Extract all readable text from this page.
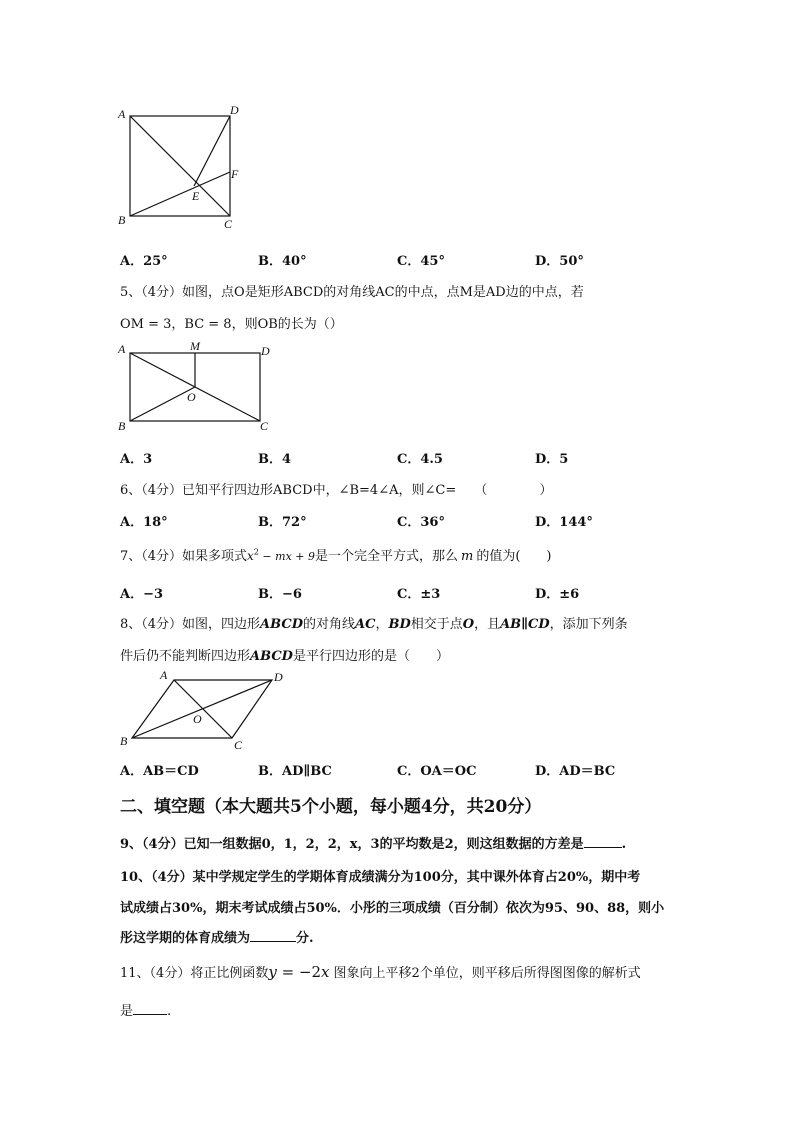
A	D
F
E
B	C
A．25°	B．40°	C．45°	D．50°
5、（4分）如图，点O是矩形ABCD的对角线AC的中点，点M是AD边的中点，若
OM = 3，BC = 8，则OB的长为（）
A	M	D
O
B	C
A．3	B．4	C．4.5	D．5
6、（4分）已知平行四边形ABCD中，∠B=4∠A，则∠C= （　　　　）
A．18°	B．72°	C．36°	D．144°
7、（4分）如果多项式$x^2$ − mx + 9是一个完全平方式，那么 m 的值为(　　)
A．−3	B．−6	C．±3	D．±6
8、（4分）如图，四边形ABCD的对角线AC，BD相交于点O，且AB∥CD，添加下列条
件后仍不能判断四边形ABCD是平行四边形的是（　　）
A	D
O
B	C
A．AB＝CD	B．AD∥BC	C．OA＝OC	D．AD＝BC
二、填空题（本大题共5个小题，每小题4分，共20分）
9、（4分）已知一组数据0，1，2，2，x，3的平均数是2，则这组数据的方差是	.
10、（4分）某中学规定学生的学期体育成绩满分为100分，其中课外体育占20%，期中考
试成绩占30%，期末考试成绩占50%．小彤的三项成绩（百分制）依次为95、90、88，则小
彤这学期的体育成绩为	分.
11、（4分）将正比例函数y = −2x 图象向上平移2个单位，则平移后所得图图像的解析式
是	.
